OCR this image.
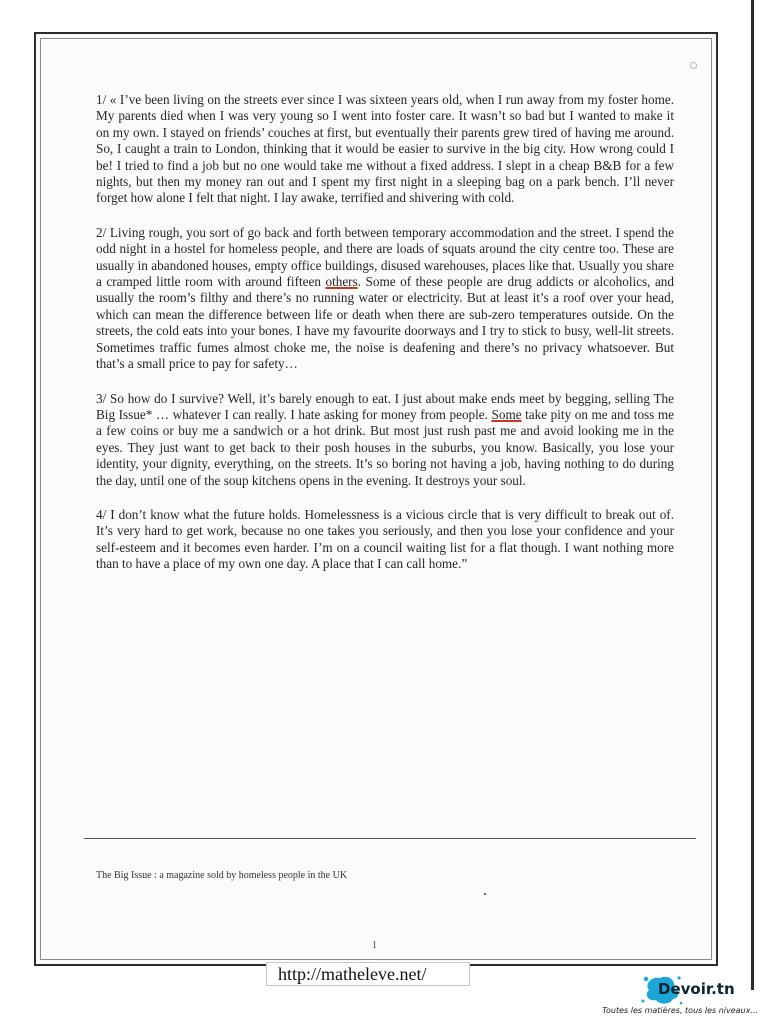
1/ « I’ve been living on the streets ever since I was sixteen years old, when I run away from my foster home. My parents died when I was very young so I went into foster care. It wasn’t so bad but I wanted to make it on my own. I stayed on friends’ couches at first, but eventually their parents grew tired of having me around. So, I caught a train to London, thinking that it would be easier to survive in the big city. How wrong could I be! I tried to find a job but no one would take me without a fixed address. I slept in a cheap B&B for a few nights, but then my money ran out and I spent my first night in a sleeping bag on a park bench. I’ll never forget how alone I felt that night. I lay awake, terrified and shivering with cold.

2/ Living rough, you sort of go back and forth between temporary accommodation and the street. I spend the odd night in a hostel for homeless people, and there are loads of squats around the city centre too. These are usually in abandoned houses, empty office buildings, disused warehouses, places like that. Usually you share a cramped little room with around fifteen others. Some of these people are drug addicts or alcoholics, and usually the room’s filthy and there’s no running water or electricity. But at least it’s a roof over your head, which can mean the difference between life or death when there are sub-zero temperatures outside. On the streets, the cold eats into your bones. I have my favourite doorways and I try to stick to busy, well-lit streets. Sometimes traffic fumes almost choke me, the noise is deafening and there’s no privacy whatsoever. But that’s a small price to pay for safety…

3/ So how do I survive? Well, it’s barely enough to eat. I just about make ends meet by begging, selling The Big Issue* … whatever I can really. I hate asking for money from people. Some take pity on me and toss me a few coins or buy me a sandwich or a hot drink. But most just rush past me and avoid looking me in the eyes. They just want to get back to their posh houses in the suburbs, you know. Basically, you lose your identity, your dignity, everything, on the streets. It’s so boring not having a job, having nothing to do during the day, until one of the soup kitchens opens in the evening. It destroys your soul.

4/ I don’t know what the future holds. Homelessness is a vicious circle that is very difficult to break out of. It’s very hard to get work, because no one takes you seriously, and then you lose your confidence and your self-esteem and it becomes even harder. I’m on a council waiting list for a flat though. I want nothing more than to have a place of my own one day. A place that I can call home.”

The Big Issue : a magazine sold by homeless people in the UK
1
http://matheleve.net/
Devoir.tn
Toutes les matières, tous les niveaux...
